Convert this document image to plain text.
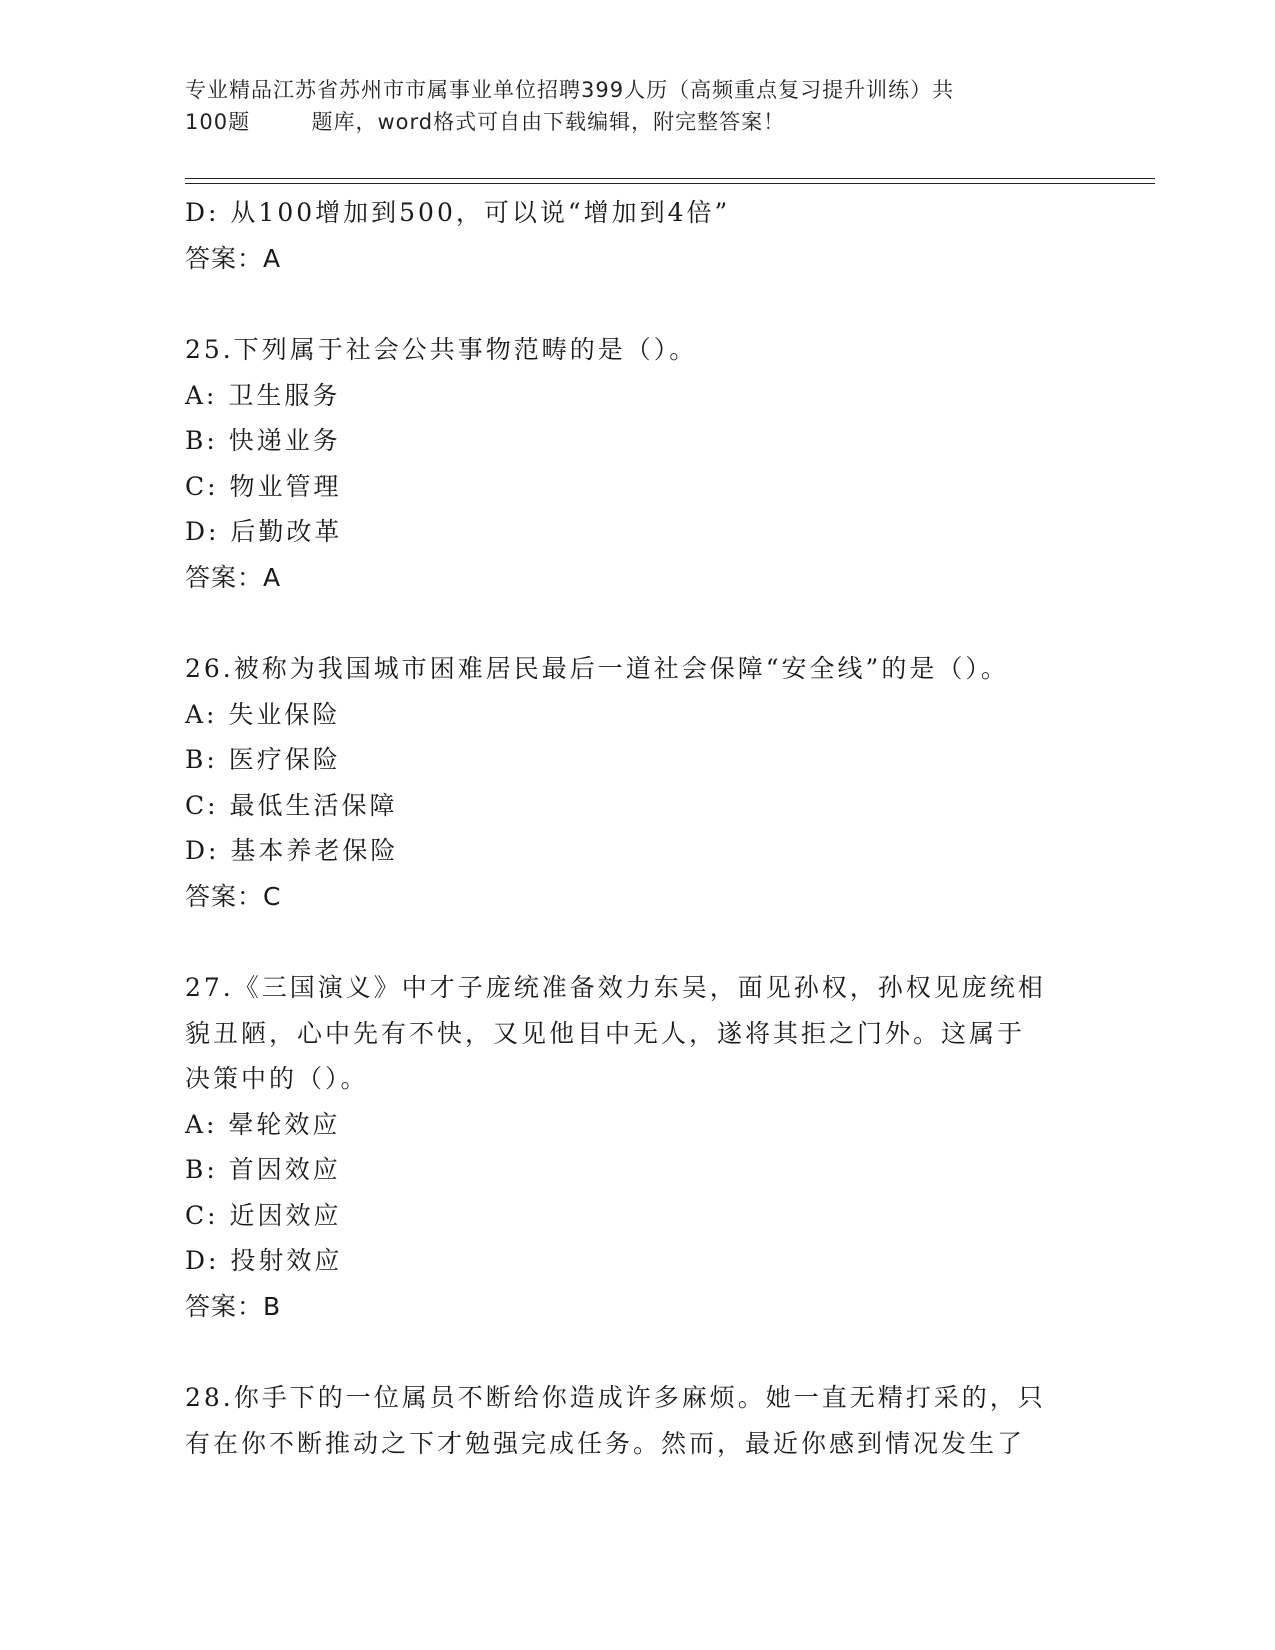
专业精品江苏省苏州市市属事业单位招聘399人历（高频重点复习提升训练）共
100题        题库，word格式可自由下载编辑，附完整答案！
D: 从100增加到500，可以说“增加到4倍”
答案：A
25.下列属于社会公共事物范畴的是（）。
A: 卫生服务
B: 快递业务
C: 物业管理
D: 后勤改革
答案：A
26.被称为我国城市困难居民最后一道社会保障“安全线”的是（）。
A: 失业保险
B: 医疗保险
C: 最低生活保障
D: 基本养老保险
答案：C
27.《三国演义》中才子庞统准备效力东吴，面见孙权，孙权见庞统相
貌丑陋，心中先有不快，又见他目中无人，遂将其拒之门外。这属于
决策中的（）。
A: 晕轮效应
B: 首因效应
C: 近因效应
D: 投射效应
答案：B
28.你手下的一位属员不断给你造成许多麻烦。她一直无精打采的，只
有在你不断推动之下才勉强完成任务。然而，最近你感到情况发生了
